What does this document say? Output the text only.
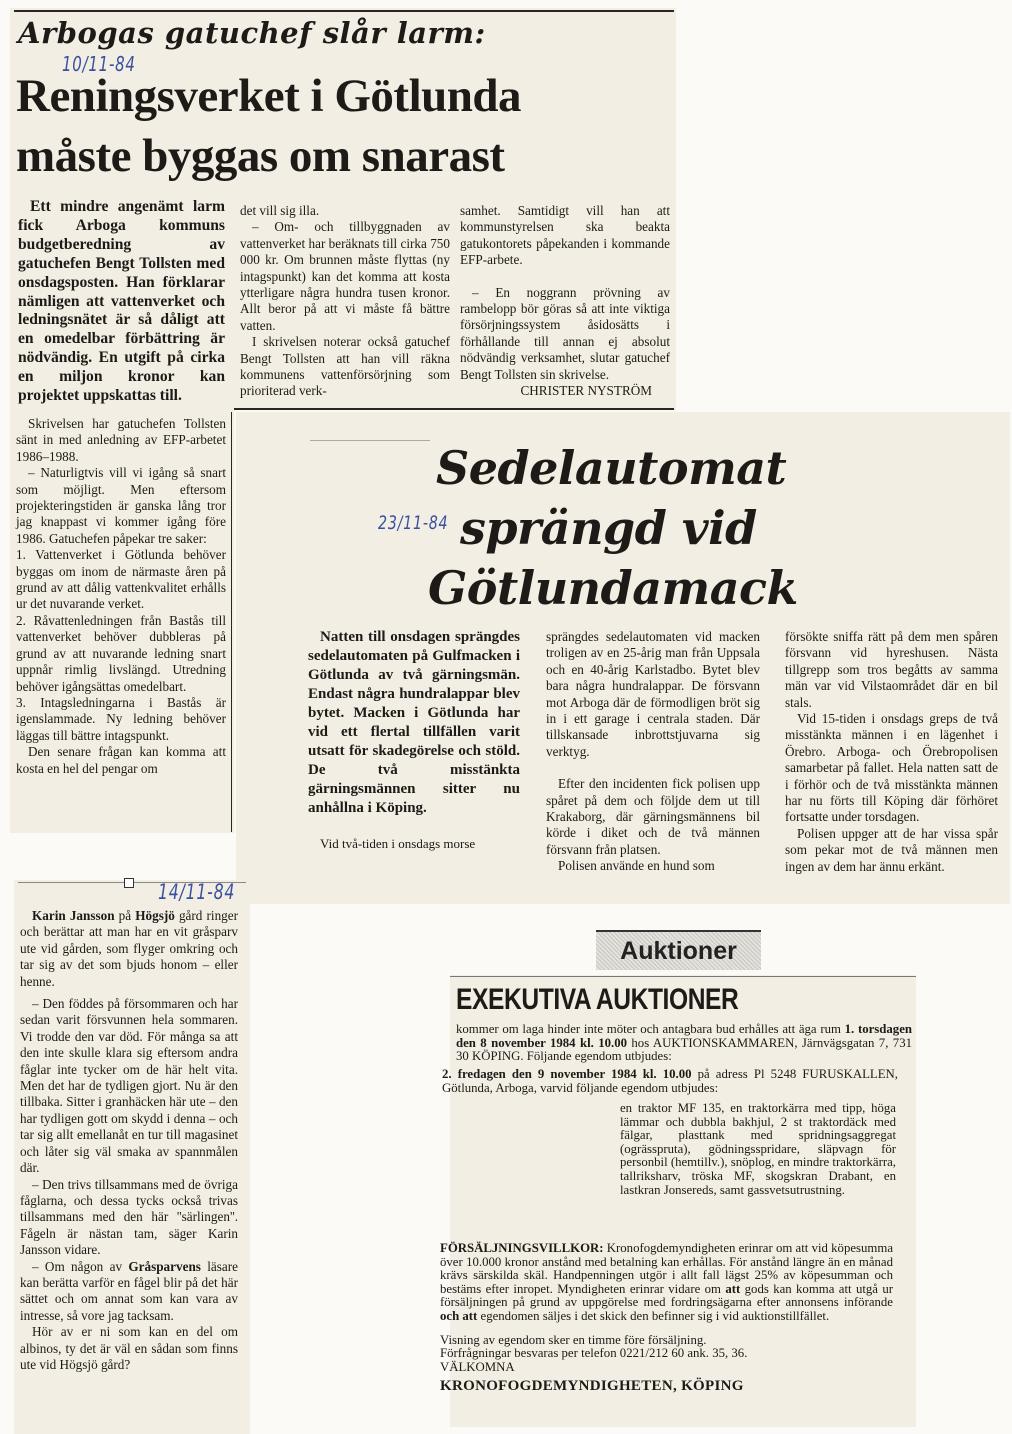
Arbogas gatuchef slår larm:
10/11-84
Reningsverket i Götlunda
måste byggas om snarast

Ett mindre angenämt larm fick Arboga kommuns budgetberedning av gatuchefen Bengt Tollsten med onsdagsposten. Han förklarar nämligen att vattenverket och ledningsnätet är så dåligt att en omedelbar förbättring är nödvändig. En utgift på cirka en miljon kronor kan projektet uppskattas till.

Skrivelsen har gatuchefen Tollsten sänt in med anledning av EFP-arbetet 1986–1988.

– Naturligtvis vill vi igång så snart som möjligt. Men eftersom projekteringstiden är ganska lång tror jag knappast vi kommer igång före 1986. Gatuchefen påpekar tre saker:

1. Vattenverket i Götlunda behöver byggas om inom de närmaste åren på grund av att dålig vattenkvalitet erhålls ur det nuvarande verket.

2. Råvattenledningen från Bastås till vattenverket behöver dubbleras på grund av att nuvarande ledning snart uppnår rimlig livslängd. Utredning behöver igångsättas omedelbart.

3. Intagsledningarna i Bastås är igenslammade. Ny ledning behöver läggas till bättre intagspunkt.

Den senare frågan kan komma att kosta en hel del pengar om

det vill sig illa.

– Om- och tillbyggnaden av vattenverket har beräknats till cirka 750 000 kr. Om brunnen måste flyttas (ny intagspunkt) kan det komma att kosta ytterligare några hundra tusen kronor. Allt beror på att vi måste få bättre vatten.

I skrivelsen noterar också gatuchef Bengt Tollsten att han vill räkna kommunens vattenförsörjning som prioriterad verk-

samhet. Samtidigt vill han att kommunstyrelsen ska beakta gatukontorets påpekanden i kommande EFP-arbete.

– En noggrann prövning av rambelopp bör göras så att inte viktiga försörjningssystem åsidosätts i förhållande till annan ej absolut nödvändig verksamhet, slutar gatuchef Bengt Tollsten sin skrivelse.

CHRISTER NYSTRÖM
Sedelautomat
sprängd vid
Götlundamack
23/11-84

Natten till onsdagen sprängdes sedelautomaten på Gulfmacken i Götlunda av två gärningsmän. Endast några hundralappar blev bytet. Macken i Götlunda har vid ett flertal tillfällen varit utsatt för skadegörelse och stöld. De två misstänkta gärningsmännen sitter nu anhållna i Köping.

Vid två-tiden i onsdags morse

sprängdes sedelautomaten vid macken troligen av en 25-årig man från Uppsala och en 40-årig Karlstadbo. Bytet blev bara några hundralappar. De försvann mot Arboga där de förmodligen bröt sig in i ett garage i centrala staden. Där tillskansade inbrottstjuvarna sig verktyg.

Efter den incidenten fick polisen upp spåret på dem och följde dem ut till Krakaborg, där gärningsmännens bil körde i diket och de två männen försvann från platsen.

Polisen använde en hund som

försökte sniffa rätt på dem men spåren försvann vid hyreshusen. Nästa tillgrepp som tros begåtts av samma män var vid Vilstaområdet där en bil stals.

Vid 15-tiden i onsdags greps de två misstänkta männen i en lägenhet i Örebro. Arboga- och Örebropolisen samarbetar på fallet. Hela natten satt de i förhör och de två misstänkta männen har nu förts till Köping där förhöret fortsatte under torsdagen.

Polisen uppger att de har vissa spår som pekar mot de två männen men ingen av dem har ännu erkänt.

14/11-84

Karin Jansson på Högsjö gård ringer och berättar att man har en vit gråsparv ute vid gården, som flyger omkring och tar sig av det som bjuds honom – eller henne.

– Den föddes på försommaren och har sedan varit försvunnen hela sommaren. Vi trodde den var död. För många sa att den inte skulle klara sig eftersom andra fåglar inte tycker om de här helt vita. Men det har de tydligen gjort. Nu är den tillbaka. Sitter i granhäcken här ute – den har tydligen gott om skydd i denna – och tar sig allt emellanåt en tur till magasinet och låter sig väl smaka av spannmålen där.

– Den trivs tillsammans med de övriga fåglarna, och dessa tycks också trivas tillsammans med den här ''särlingen''. Fågeln är nästan tam, säger Karin Jansson vidare.

– Om någon av Gråsparvens läsare kan berätta varför en fågel blir på det här sättet och om annat som kan vara av intresse, så vore jag tacksam.

Hör av er ni som kan en del om albinos, ty det är väl en sådan som finns ute vid Högsjö gård?

Auktioner
EXEKUTIVA AUKTIONER

kommer om laga hinder inte möter och antagbara bud erhålles att äga rum 1. torsdagen den 8 november 1984 kl. 10.00 hos AUKTIONSKAMMAREN, Järnvägsgatan 7, 731 30 KÖPING. Följande egendom utbjudes:

2. fredagen den 9 november 1984 kl. 10.00 på adress Pl 5248 FURUSKALLEN, Götlunda, Arboga, varvid följande egendom utbjudes:

en traktor MF 135, en traktorkärra med tipp, höga lämmar och dubbla bakhjul, 2 st traktordäck med fälgar, plasttank med spridningsaggregat (ogrässpruta), gödningsspridare, släpvagn för personbil (hemtillv.), snöplog, en mindre traktorkärra, tallriksharv, tröska MF, skogskran Drabant, en lastkran Jonsereds, samt gassvetsutrustning.

FÖRSÄLJNINGSVILLKOR: Kronofogdemyndigheten erinrar om att vid köpesumma över 10.000 kronor anstånd med betalning kan erhållas. För anstånd längre än en månad krävs särskilda skäl. Handpenningen utgör i allt fall lägst 25% av köpesumman och bestäms efter inropet. Myndigheten erinrar vidare om att gods kan komma att utgå ur försäljningen på grund av uppgörelse med fordringsägarna efter annonsens införande och att egendomen säljes i det skick den befinner sig i vid auktionstillfället.

Visning av egendom sker en timme före försäljning.

Förfrågningar besvaras per telefon 0221/212 60 ank. 35, 36.

VÄLKOMNA

KRONOFOGDEMYNDIGHETEN, KÖPING
